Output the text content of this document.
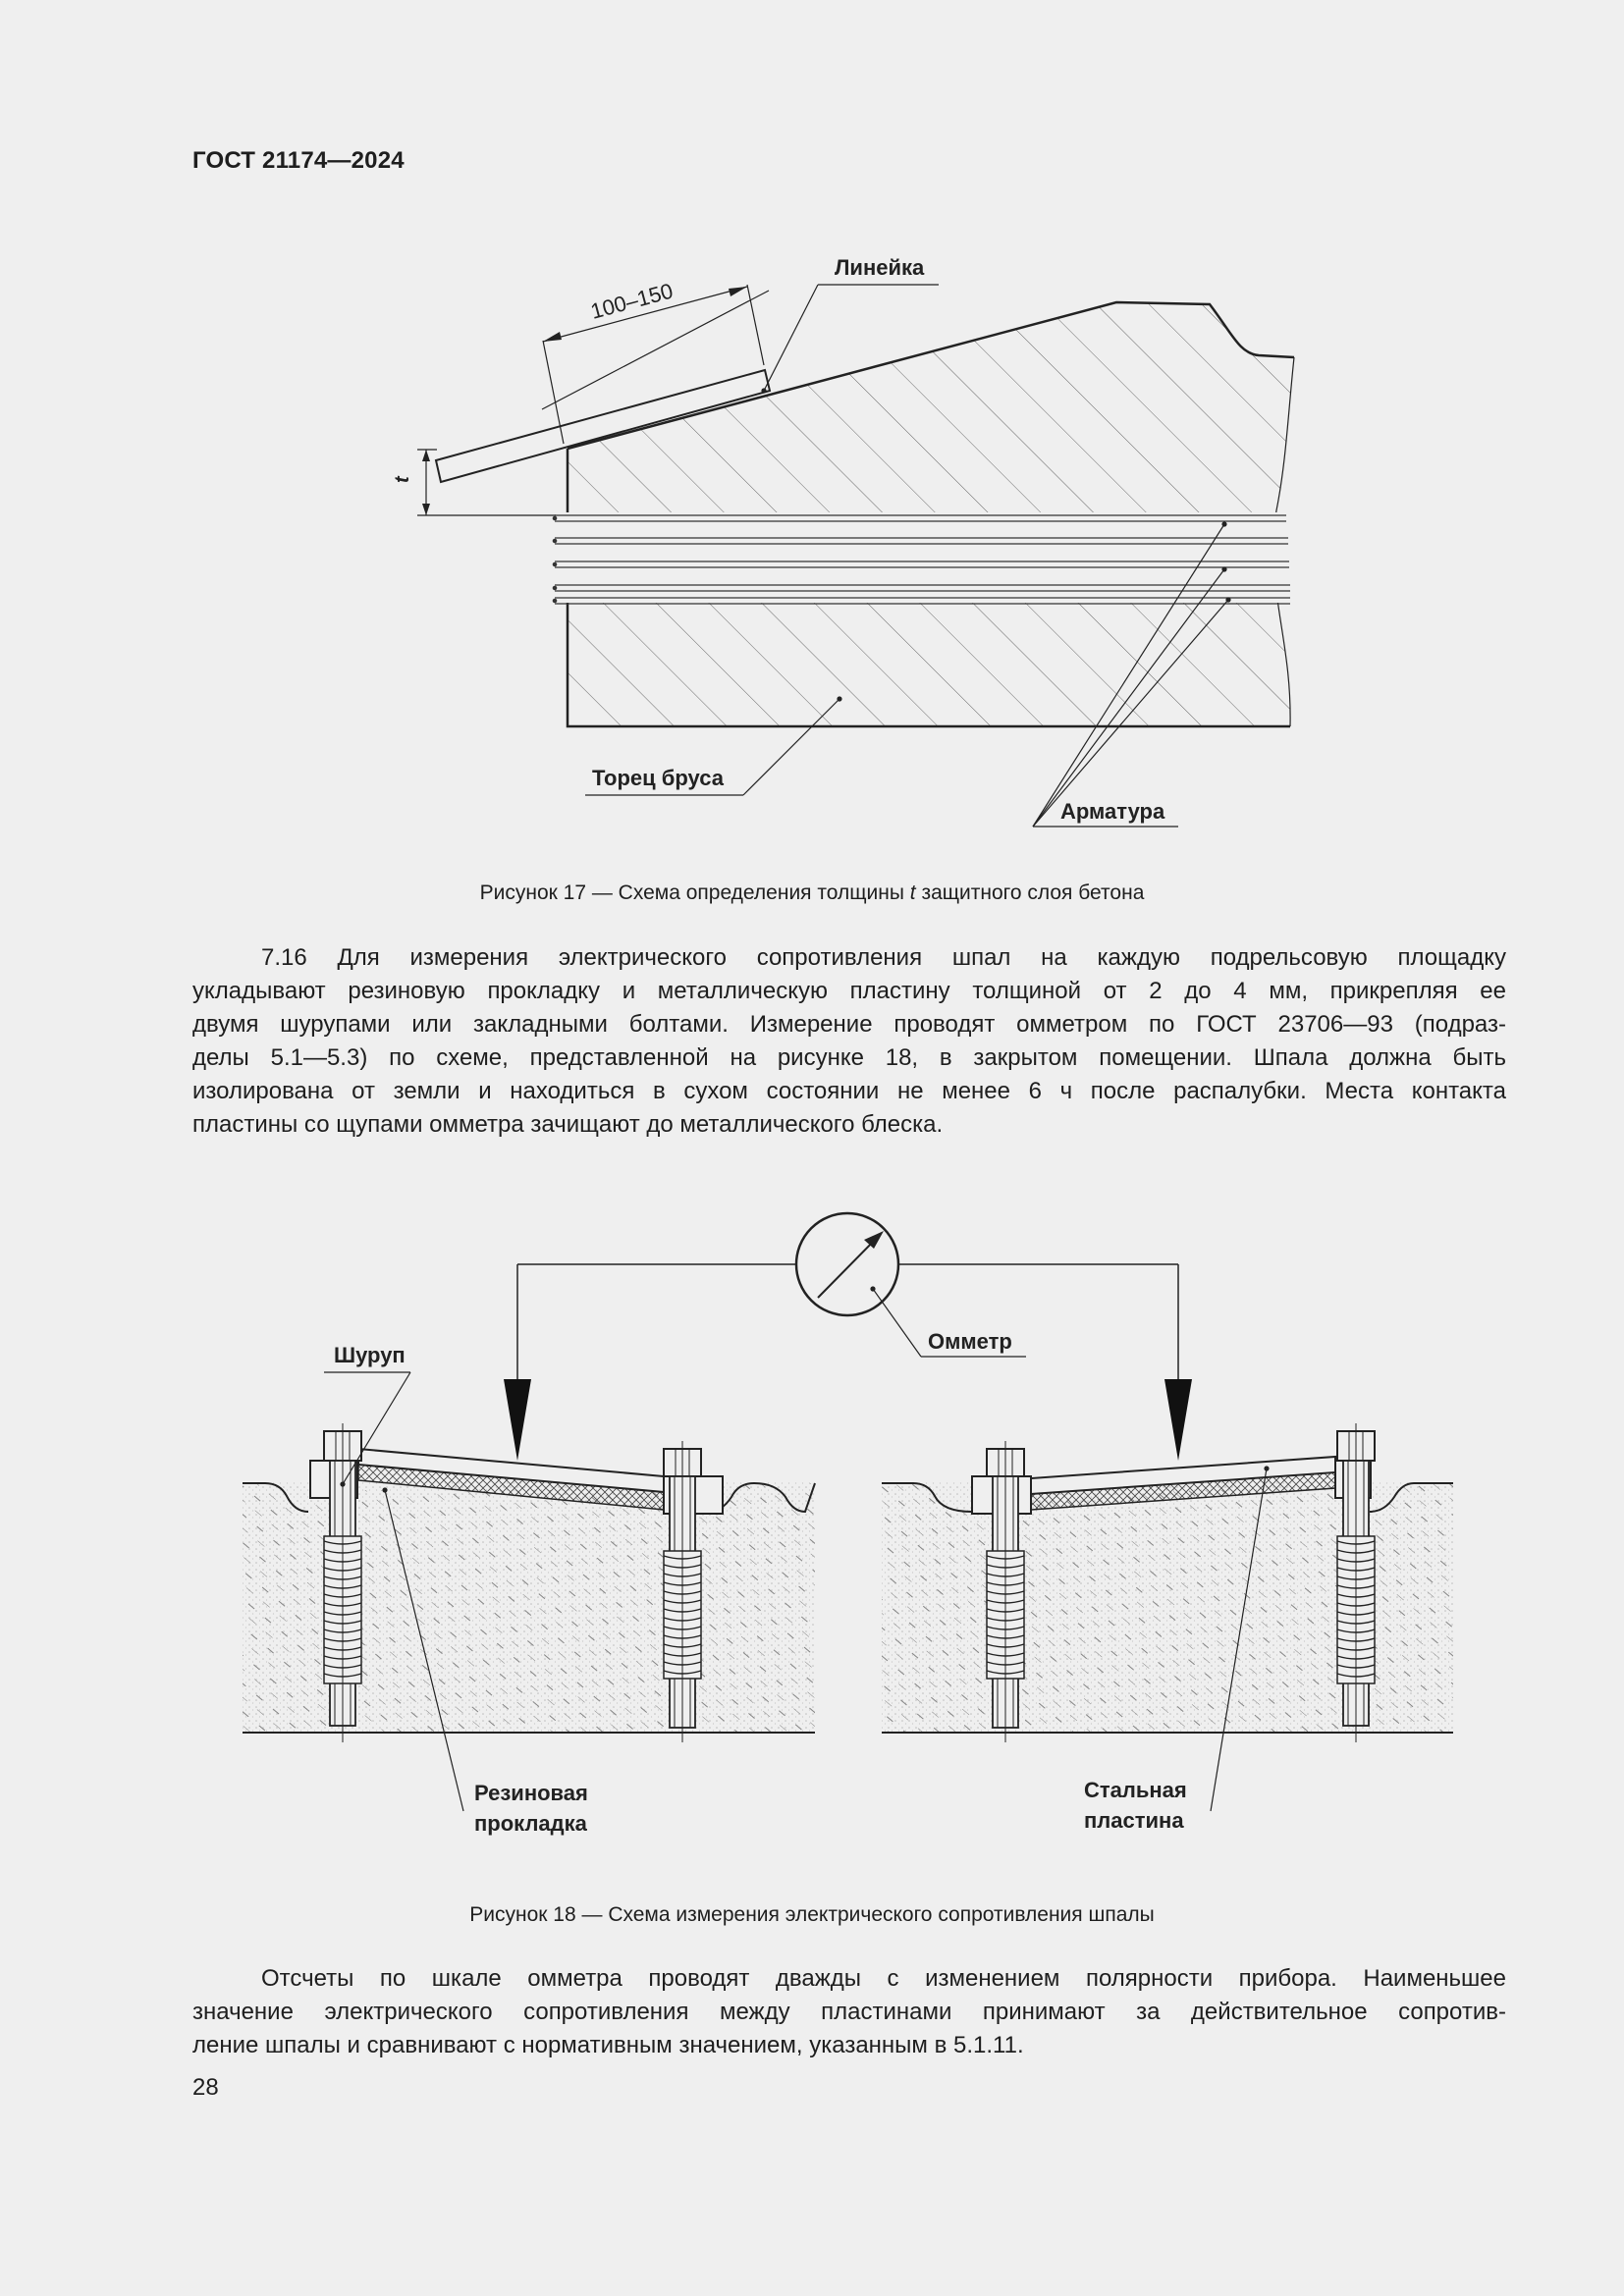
ГОСТ 21174—2024
100–150
t
Линейка
Торец бруса
Арматура
Рисунок 17 — Схема определения толщины t защитного слоя бетона
7.16 Для измерения электрического сопротивления шпал на каждую подрельсовую площадку
укладывают резиновую прокладку и металлическую пластину толщиной от 2 до 4 мм, прикрепляя ее
двумя шурупами или закладными болтами. Измерение проводят омметром по ГОСТ 23706—93 (подраз-
делы 5.1—5.3) по схеме, представленной на рисунке 18, в закрытом помещении. Шпала должна быть
изолирована от земли и находиться в сухом состоянии не менее 6 ч после распалубки. Места контакта
пластины со щупами омметра зачищают до металлического блеска.
Омметр
Шуруп
Резиновая
прокладка
Стальная
пластина
Рисунок 18 — Схема измерения электрического сопротивления шпалы
Отсчеты по шкале омметра проводят дважды с изменением полярности прибора. Наименьшее
значение электрического сопротивления между пластинами принимают за действительное сопротив-
ление шпалы и сравнивают с нормативным значением, указанным в 5.1.11.
28
